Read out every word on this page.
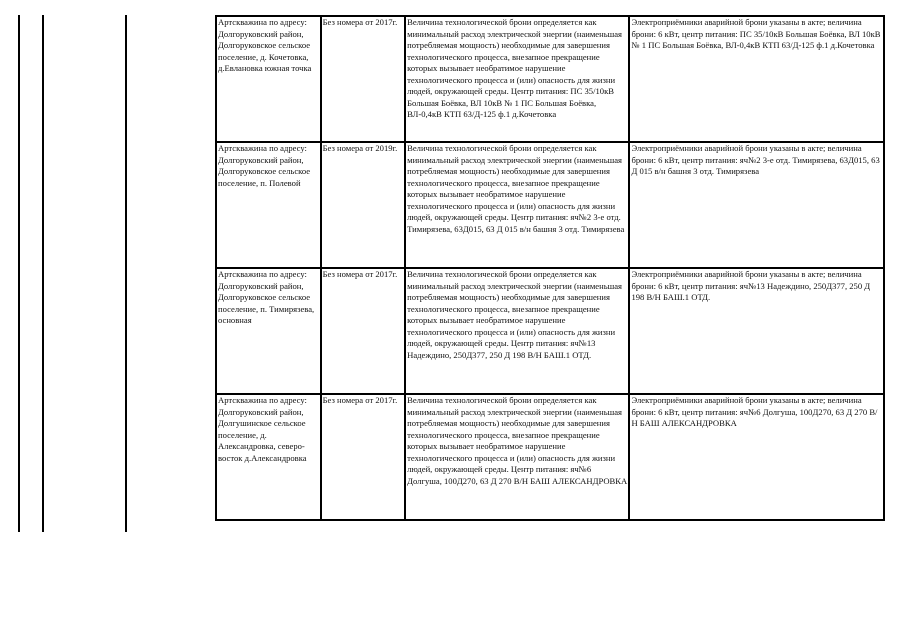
Артскважина по адресу: Долгоруковский район, Долгоруковское сельское поселение, д. Кочетовка, д.Евлановка южная точка	Без номера от 2017г.	Величина технологической брони определяется как минимальный расход электрической энергии (наименьшая потребляемая мощность) необходимые для завершения технологического процесса, внезапное прекращение которых вызывает необратимое нарушение технологического процесса и (или) опасность для жизни людей, окружающей среды. Центр питания: ПС 35/10кВ Большая Боёвка, ВЛ 10кВ № 1 ПС Большая Боёвка, ВЛ-0,4кВ КТП 63/Д-125 ф.1 д.Кочетовка	Электроприёмники аварийной брони указаны в акте; величина брони: 6 кВт, центр питания: ПС 35/10кВ Большая Боёвка, ВЛ 10кВ № 1 ПС Большая Боёвка, ВЛ-0,4кВ КТП 63/Д-125 ф.1 д.Кочетовка
Артскважина по адресу: Долгоруковский район, Долгоруковское сельское поселение, п. Полевой	Без номера от 2019г.	Величина технологической брони определяется как минимальный расход электрической энергии (наименьшая потребляемая мощность) необходимые для завершения технологического процесса, внезапное прекращение которых вызывает необратимое нарушение технологического процесса и (или) опасность для жизни людей, окружающей среды. Центр питания: яч№2 3-е отд. Тимирязева, 63Д015, 63 Д 015 в/н башня 3 отд. Тимирязева	Электроприёмники аварийной брони указаны в акте; величина брони: 6 кВт, центр питания: яч№2 3-е отд. Тимирязева, 63Д015, 63 Д 015 в/н башня 3 отд. Тимирязева
Артскважина по адресу: Долгоруковский район, Долгоруковское сельское поселение, п. Тимирязева, основная	Без номера от 2017г.	Величина технологической брони определяется как минимальный расход электрической энергии (наименьшая потребляемая мощность) необходимые для завершения технологического процесса, внезапное прекращение которых вызывает необратимое нарушение технологического процесса и (или) опасность для жизни людей, окружающей среды. Центр питания: яч№13 Надеждино, 250Д377, 250 Д 198 В/Н БАШ.1 ОТД.	Электроприёмники аварийной брони указаны в акте; величина брони: 6 кВт, центр питания: яч№13 Надеждино, 250Д377, 250 Д 198 В/Н БАШ.1 ОТД.
Артскважина по адресу: Долгоруковский район, Долгушинское сельское поселение, д. Александровка, северо-восток д.Александровка	Без номера от 2017г.	Величина технологической брони определяется как минимальный расход электрической энергии (наименьшая потребляемая мощность) необходимые для завершения технологического процесса, внезапное прекращение которых вызывает необратимое нарушение технологического процесса и (или) опасность для жизни людей, окружающей среды. Центр питания: яч№6 Долгуша, 100Д270, 63 Д 270 В/Н БАШ АЛЕКСАНДРОВКА	Электроприёмники аварийной брони указаны в акте; величина брони: 6 кВт, центр питания: яч№6 Долгуша, 100Д270, 63 Д 270 В/Н БАШ АЛЕКСАНДРОВКА
